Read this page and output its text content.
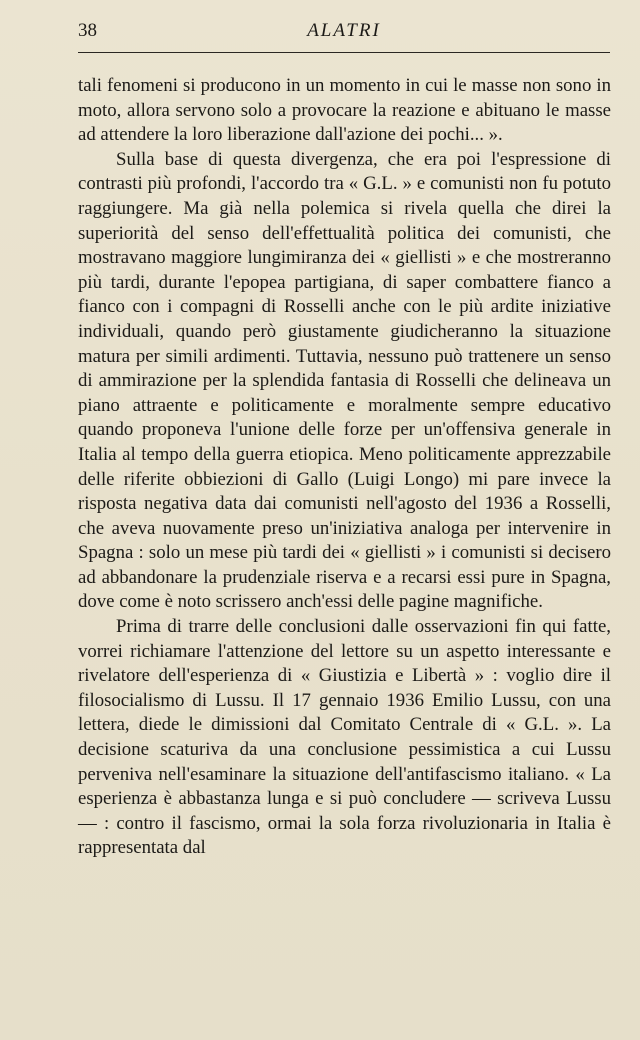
38	ALATRI

tali fenomeni si producono in un momento in cui le masse non sono in moto, allora servono solo a provocare la reazione e abituano le masse ad attendere la loro liberazione dall'azione dei pochi... ».

Sulla base di questa divergenza, che era poi l'espressione di contrasti più profondi, l'accordo tra « G.L. » e comunisti non fu potuto raggiungere. Ma già nella polemica si rivela quella che direi la superiorità del senso dell'effettualità politica dei comunisti, che mostravano maggiore lungimiranza dei « giellisti » e che mostreranno più tardi, durante l'epopea partigiana, di saper combattere fianco a fianco con i compagni di Rosselli anche con le più ardite iniziative individuali, quando però giustamente giudicheranno la situazione matura per simili ardimenti. Tuttavia, nessuno può trattenere un senso di ammirazione per la splendida fantasia di Rosselli che delineava un piano attraente e politicamente e moralmente sempre educativo quando proponeva l'unione delle forze per un'offensiva generale in Italia al tempo della guerra etiopica. Meno politicamente apprezzabile delle riferite obbiezioni di Gallo (Luigi Longo) mi pare invece la risposta negativa data dai comunisti nell'agosto del 1936 a Rosselli, che aveva nuovamente preso un'iniziativa analoga per intervenire in Spagna : solo un mese più tardi dei « giellisti » i comunisti si decisero ad abbandonare la prudenziale riserva e a recarsi essi pure in Spagna, dove come è noto scrissero anch'essi delle pagine magnifiche.

Prima di trarre delle conclusioni dalle osservazioni fin qui fatte, vorrei richiamare l'attenzione del lettore su un aspetto interessante e rivelatore dell'esperienza di « Giustizia e Libertà » : voglio dire il filosocialismo di Lussu. Il 17 gennaio 1936 Emilio Lussu, con una lettera, diede le dimissioni dal Comitato Centrale di « G.L. ». La decisione scaturiva da una conclusione pessimistica a cui Lussu perveniva nell'esaminare la situazione dell'antifascismo italiano. « La esperienza è abbastanza lunga e si può concludere — scriveva Lussu — : contro il fascismo, ormai la sola forza rivoluzionaria in Italia è rappresentata dal
